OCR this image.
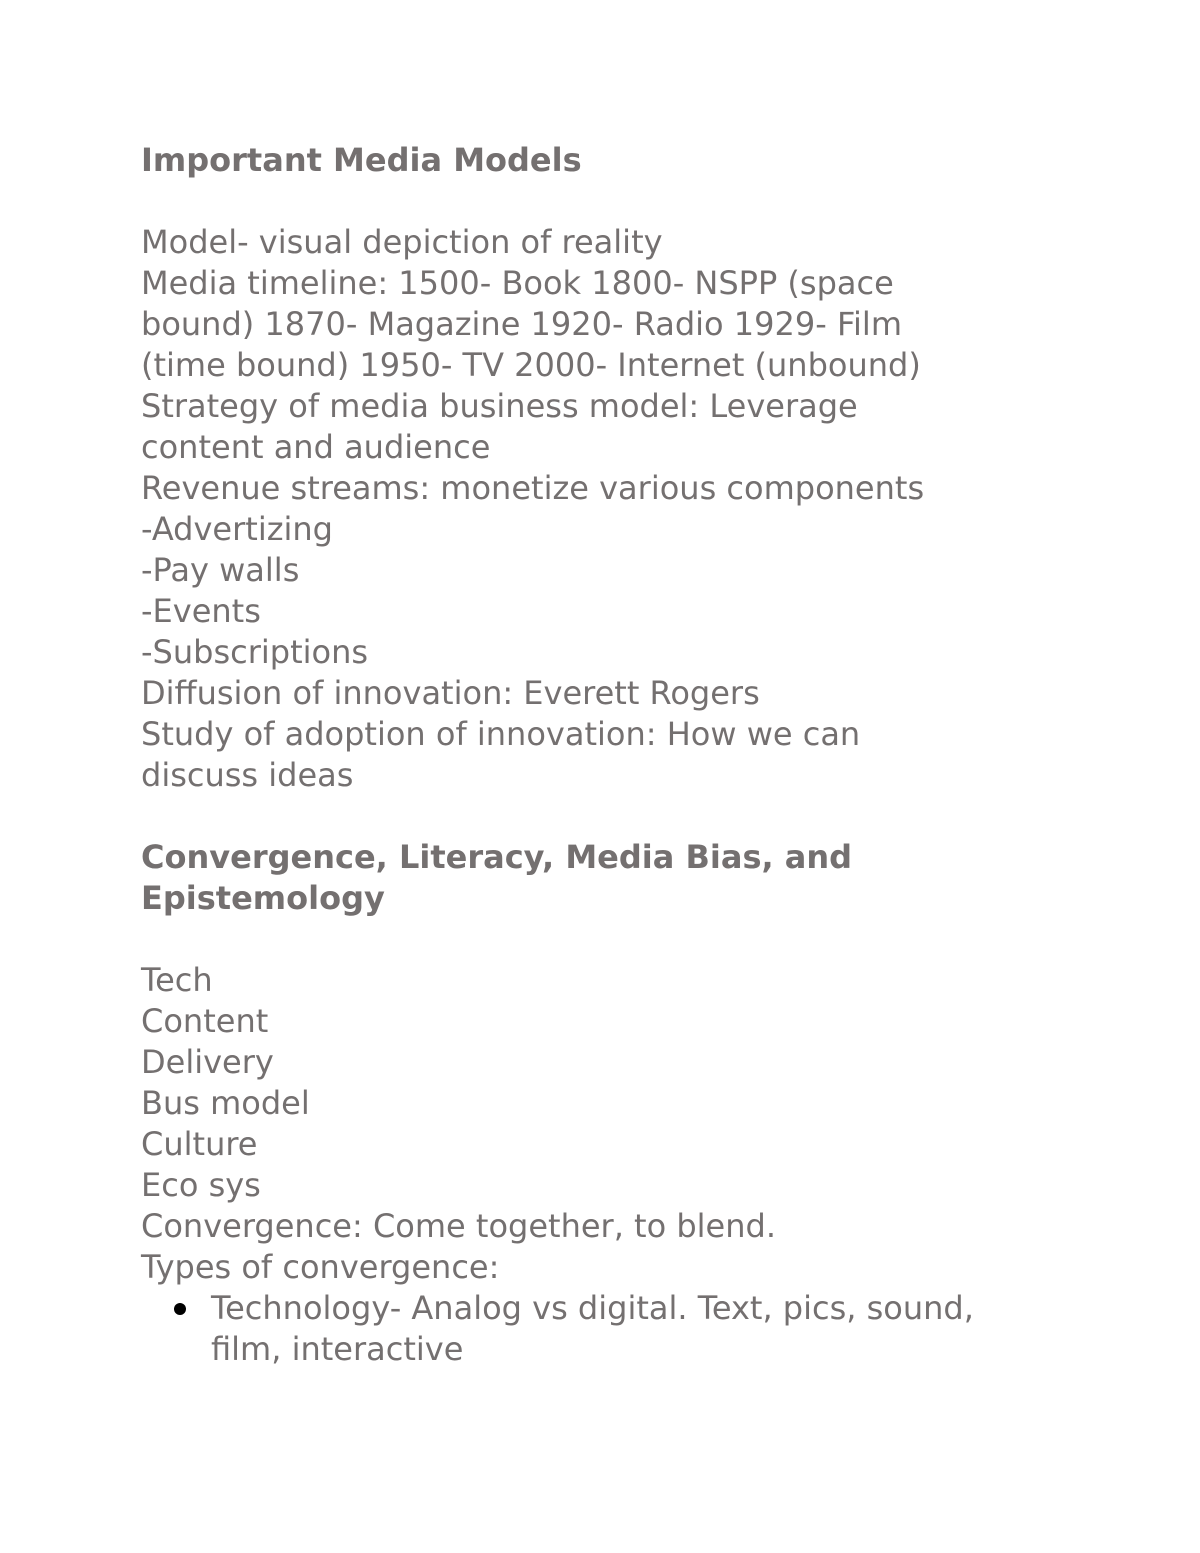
Important Media Models
Model- visual depiction of reality
Media timeline: 1500- Book 1800- NSPP (space
bound) 1870- Magazine 1920- Radio 1929- Film
(time bound) 1950- TV 2000- Internet (unbound)
Strategy of media business model: Leverage
content and audience
Revenue streams: monetize various components
-Advertizing
-Pay walls
-Events
-Subscriptions
Diffusion of innovation: Everett Rogers
Study of adoption of innovation: How we can
discuss ideas
Convergence, Literacy, Media Bias, and
Epistemology
Tech
Content
Delivery
Bus model
Culture
Eco sys
Convergence: Come together, to blend.
Types of convergence:
Technology- Analog vs digital. Text, pics, sound,
film, interactive
